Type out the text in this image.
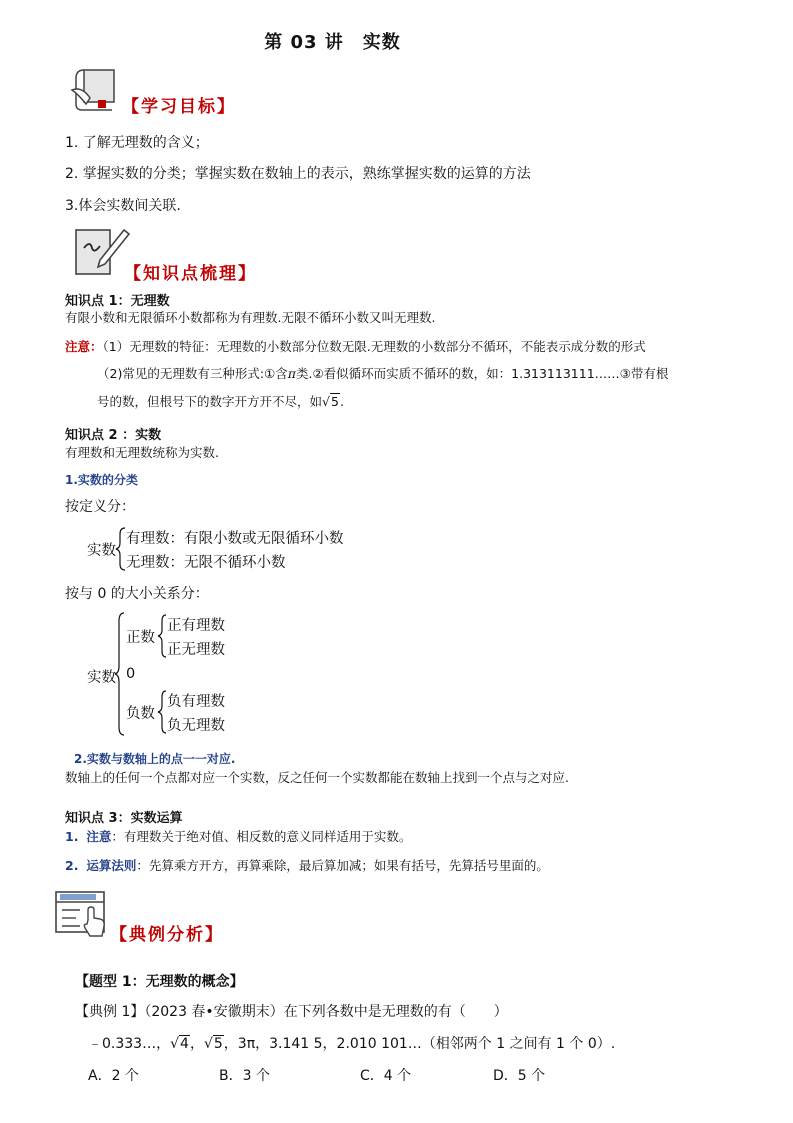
第 03 讲　实数
【学习目标】
1. 了解无理数的含义；
2. 掌握实数的分类；掌握实数在数轴上的表示，熟练掌握实数的运算的方法
3.体会实数间关联.
【知识点梳理】
知识点 1：无理数
有限小数和无限循环小数都称为有理数.无限不循环小数又叫无理数.
注意：（1）无理数的特征：无理数的小数部分位数无限.无理数的小数部分不循环，不能表示成分数的形式
（2)常见的无理数有三种形式:①含π类.②看似循环而实质不循环的数，如：1.313113111……③带有根
号的数，但根号下的数字开方开不尽，如√5.
知识点 2 ：实数
有理数和无理数统称为实数.
1.实数的分类
按定义分：
实数
有理数：有限小数或无限循环小数
无理数：无限不循环小数
按与 0 的大小关系分：
实数
正数
正有理数
正无理数
0
负数
负有理数
负无理数
2.实数与数轴上的点一一对应.
数轴上的任何一个点都对应一个实数，反之任何一个实数都能在数轴上找到一个点与之对应.
知识点 3：实数运算
1. 注意：有理数关于绝对值、相反数的意义同样适用于实数。
2. 运算法则：先算乘方开方，再算乘除，最后算加减；如果有括号，先算括号里面的。
【典例分析】
【题型 1：无理数的概念】
【典例 1】（2023 春•安徽期末）在下列各数中是无理数的有（　　）
﹣0.333…，√4，√5，3π，3.141 5，2.010 101…（相邻两个 1 之间有 1 个 0）.
A．2 个	B．3 个	C．4 个	D．5 个
